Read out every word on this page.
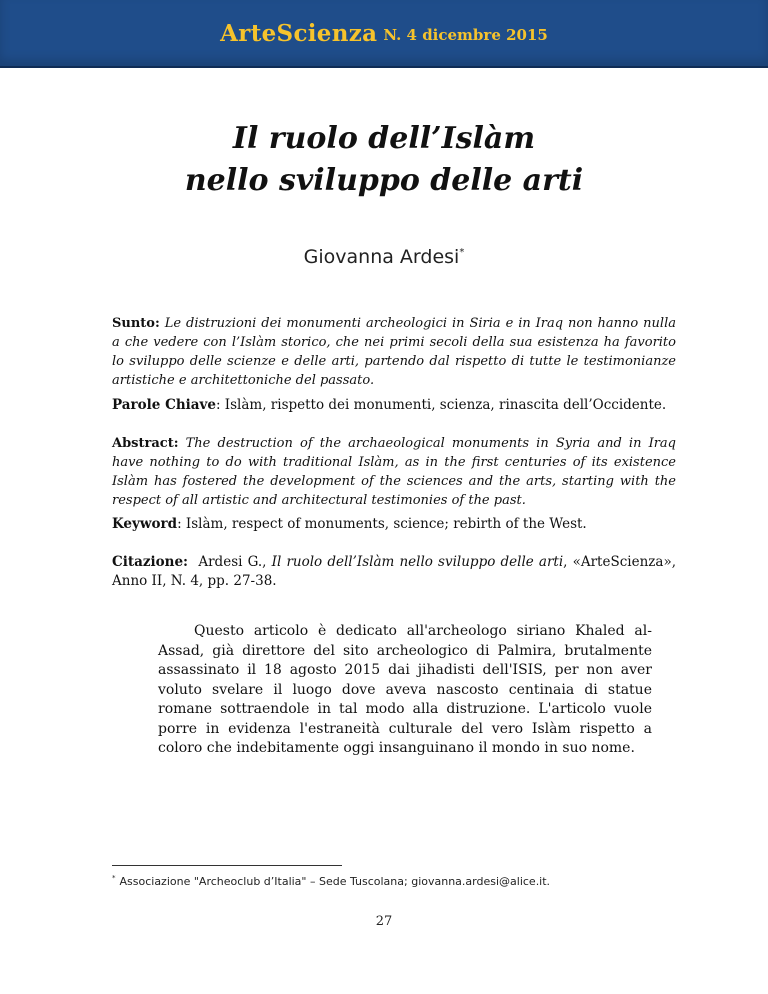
ArteScienza N. 4 dicembre 2015
Il ruolo dell’Islàm
nello sviluppo delle arti
Giovanna Ardesi*
Sunto: Le distruzioni dei monumenti archeologici in Siria e in Iraq non hanno nulla a che vedere con l’Islàm storico, che nei primi secoli della sua esistenza ha favorito lo sviluppo delle scienze e delle arti, partendo dal rispetto di tutte le testimonianze artistiche e architettoniche del passato.
Parole Chiave: Islàm, rispetto dei monumenti, scienza, rinascita dell’Occidente.
Abstract: The destruction of the archaeological monuments in Syria and in Iraq have nothing to do with traditional Islàm, as in the first centuries of its existence Islàm has fostered the development of the sciences and the arts, starting with the respect of all artistic and architectural testimonies of the past.
Keyword: Islàm, respect of monuments, science; rebirth of the West.
Citazione: Ardesi G., Il ruolo dell’Islàm nello sviluppo delle arti, «ArteScienza», Anno II, N. 4, pp. 27-38.
Questo articolo è dedicato all'archeologo siriano Khaled al-Assad, già direttore del sito archeologico di Palmira, brutalmente assassinato il 18 agosto 2015 dai jihadisti dell'ISIS, per non aver voluto svelare il luogo dove aveva nascosto centinaia di statue romane sottraendole in tal modo alla distruzione. L'articolo vuole porre in evidenza l'estraneità culturale del vero Islàm rispetto a coloro che indebitamente oggi insanguinano il mondo in suo nome.
* Associazione "Archeoclub d’Italia" – Sede Tuscolana; giovanna.ardesi@alice.it.
27
